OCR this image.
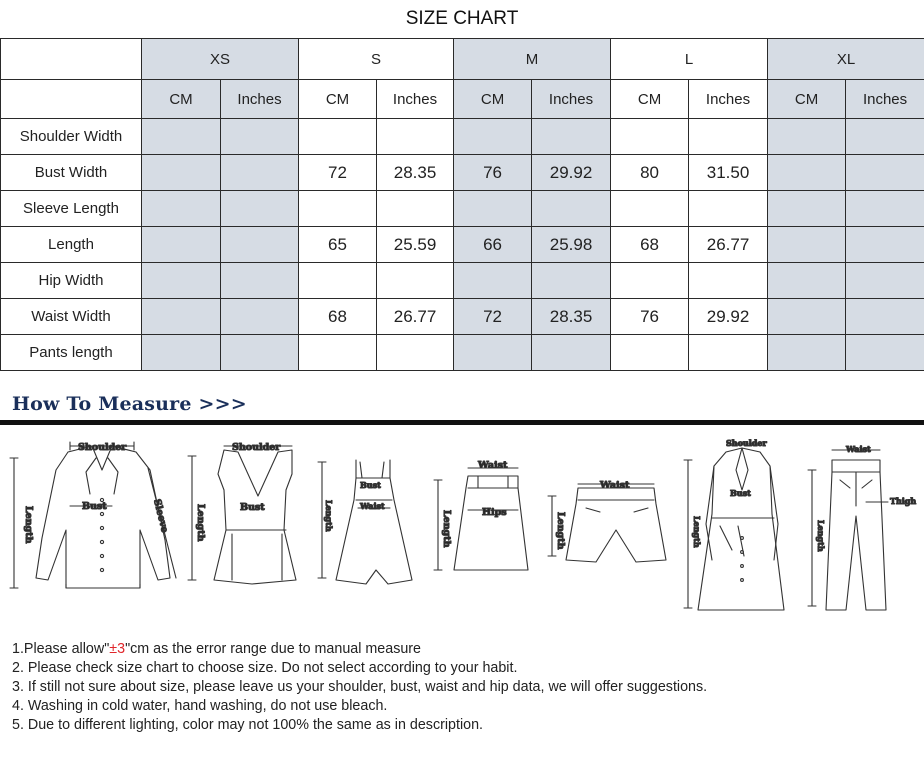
SIZE CHART
	XS		S		M		L		XL	
	CM	Inches	CM	Inches	CM	Inches	CM	Inches	CM	Inches
Shoulder Width										
Bust Width			72	28.35	76	29.92	80	31.50		
Sleeve Length										
Length			65	25.59	66	25.98	68	26.77		
Hip Width										
Waist Width			68	26.77	72	28.35	76	29.92		
Pants length										
How To Measure >>>
Shoulder
Bust
Length	Sleeve
Shoulder
Bust
Length
Bust
Waist
Length
Waist
Hips
Length
Waist
Length
Shoulder
Bust
Length
Waist
Thigh
Length

1.Please allow"±3"cm as the error range due to manual measure

2. Please check size chart to choose size. Do not select according to your habit.

3. If still not sure about size, please leave us your shoulder, bust, waist and hip data, we will offer suggestions.

4. Washing in cold water, hand washing, do not use bleach.

5. Due to different lighting, color may not 100% the same as in description.
